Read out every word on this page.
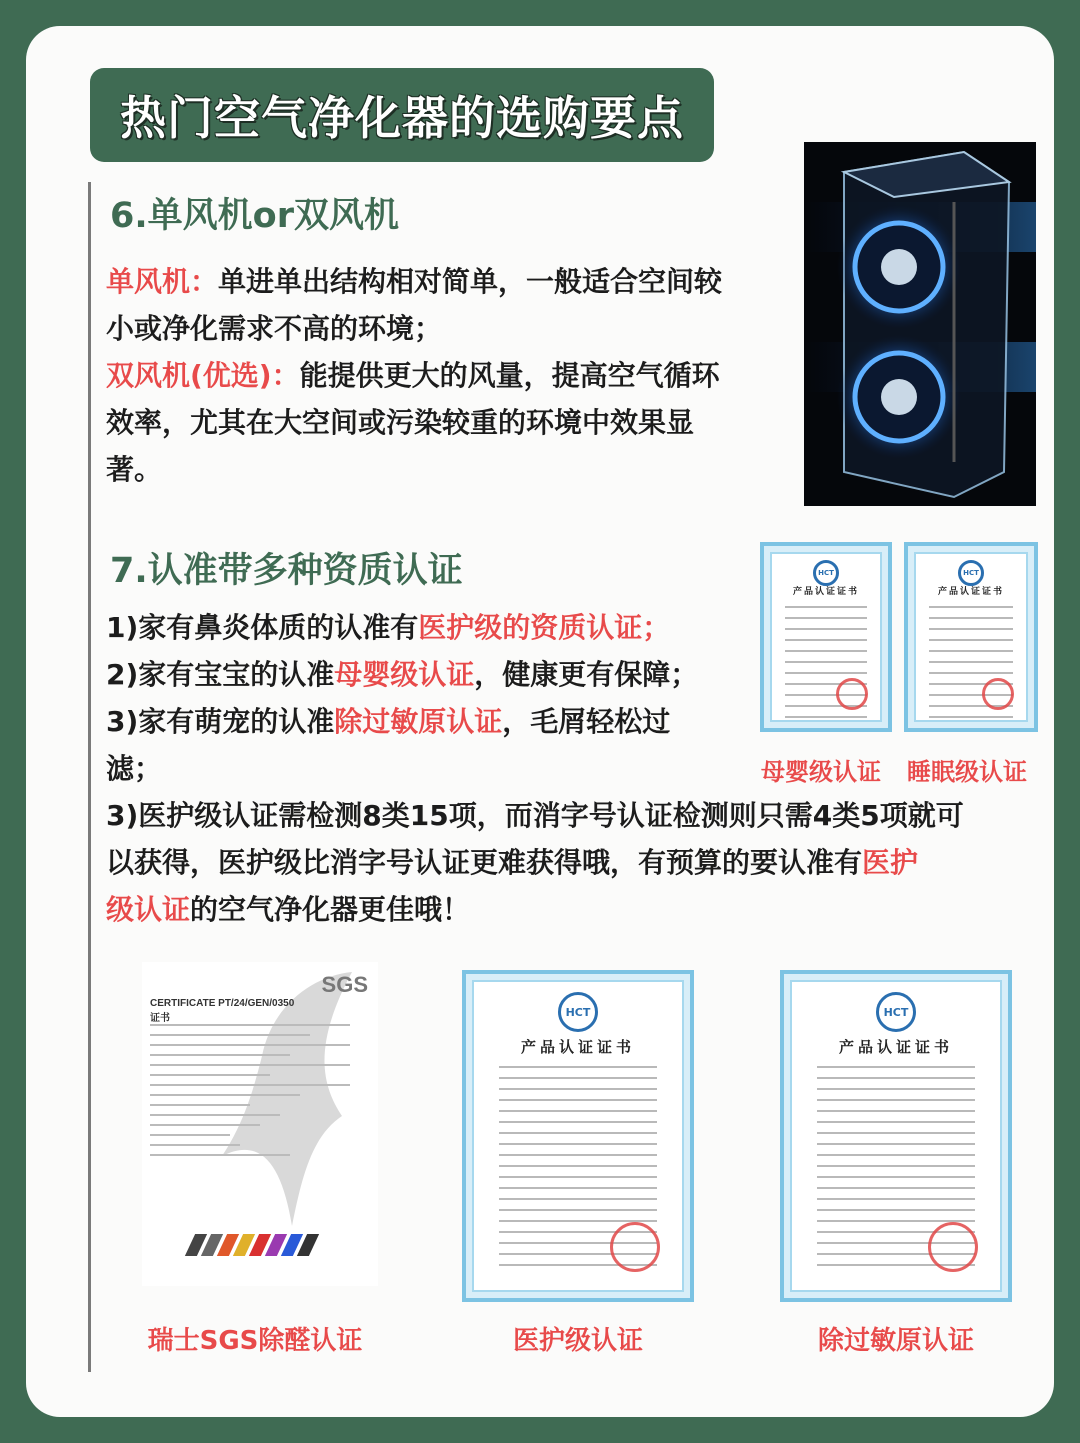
热门空气净化器的选购要点
6.单风机or双风机
单风机：单进单出结构相对简单，一般适合空间较
小或净化需求不高的环境；
双风机(优选)：能提供更大的风量，提高空气循环
效率，尤其在大空间或污染较重的环境中效果显
著。
7.认准带多种资质认证
1)家有鼻炎体质的认准有医护级的资质认证；
2)家有宝宝的认准母婴级认证，健康更有保障；
3)家有萌宠的认准除过敏原认证，毛屑轻松过
滤；
3)医护级认证需检测8类15项，而消字号认证检测则只需4类5项就可
以获得，医护级比消字号认证更难获得哦，有预算的要认准有医护
级认证的空气净化器更佳哦！
HCT
产品认证证书
HCT
产品认证证书
母婴级认证 睡眠级认证
SGS
CERTIFICATE PT/24/GEN/0350
证书	HCT
产品认证证书
HCT
产品认证证书
瑞士SGS除醛认证	医护级认证	除过敏原认证
